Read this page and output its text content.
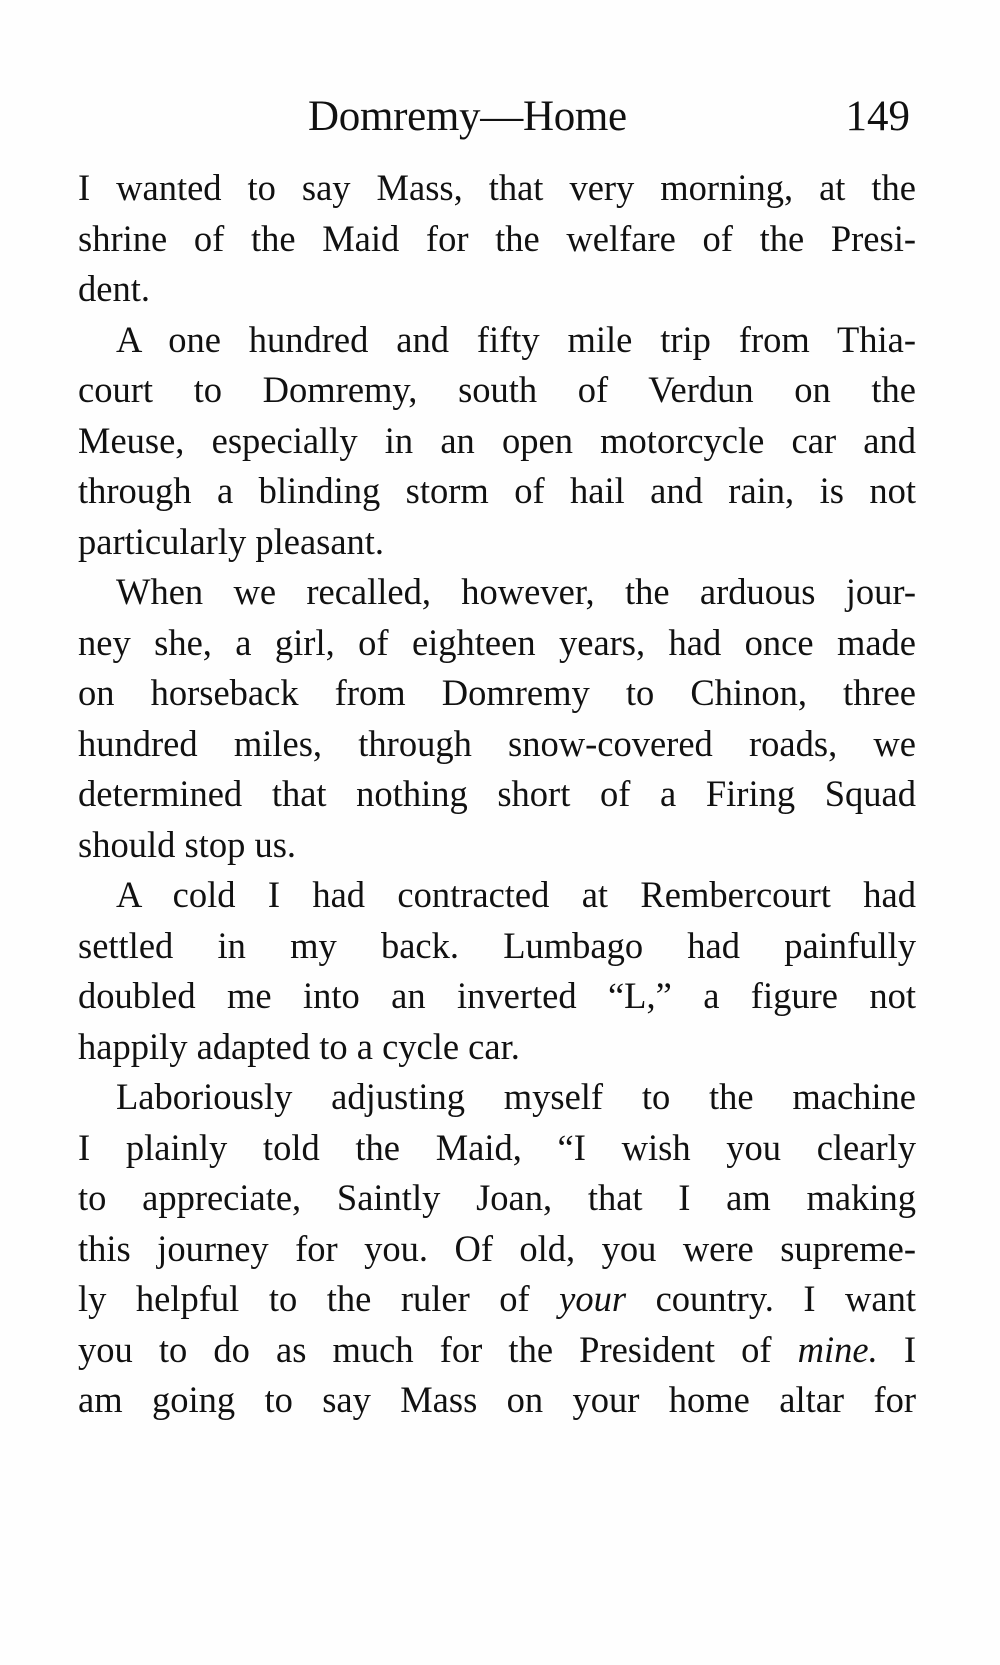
Domremy—Home	149
I wanted to say Mass, that very morning, at the
shrine of the Maid for the welfare of the Presi-
dent.
A one hundred and fifty mile trip from Thia-
court to Domremy, south of Verdun on the
Meuse, especially in an open motorcycle car and
through a blinding storm of hail and rain, is not
particularly pleasant.
When we recalled, however, the arduous jour-
ney she, a girl, of eighteen years, had once made
on horseback from Domremy to Chinon, three
hundred miles, through snow-covered roads, we
determined that nothing short of a Firing Squad
should stop us.
A cold I had contracted at Rembercourt had
settled in my back. Lumbago had painfully
doubled me into an inverted “L,” a figure not
happily adapted to a cycle car.
Laboriously adjusting myself to the machine
I plainly told the Maid, “I wish you clearly
to appreciate, Saintly Joan, that I am making
this journey for you. Of old, you were supreme-
ly helpful to the ruler of your country. I want
you to do as much for the President of mine. I
am going to say Mass on your home altar for
